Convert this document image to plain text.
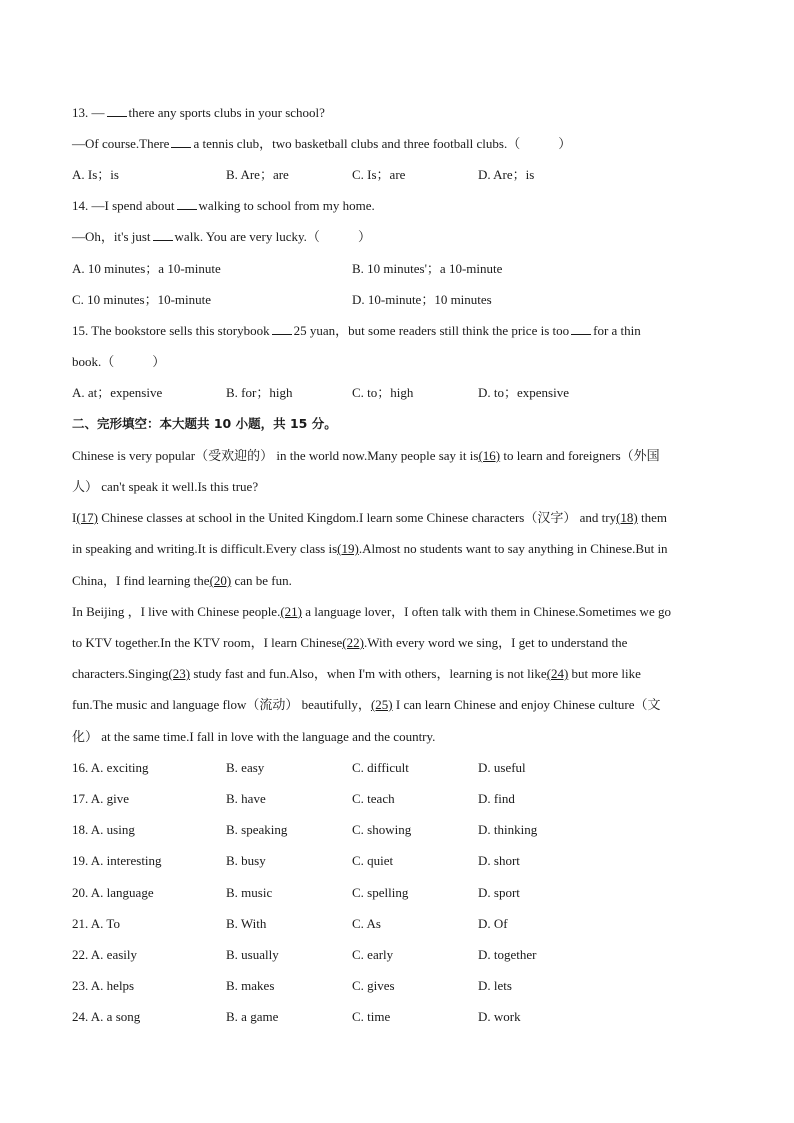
13. — there any sports clubs in your school?
—Of course.There a tennis club，two basketball clubs and three football clubs.（	）
A. Is；is	B. Are；are	C. Is；are	D. Are；is
14. —I spend about walking to school from my home.
—Oh，it's just walk. You are very lucky.（	）
A. 10 minutes；a 10-minute	B. 10 minutes'；a 10-minute
C. 10 minutes；10-minute	D. 10-minute；10 minutes
15. The bookstore sells this storybook 25 yuan，but some readers still think the price is too for a thin
book.（	）
A. at；expensive	B. for；high	C. to；high	D. to；expensive
二、完形填空：本大题共 10 小题，共 15 分。
Chinese is very popular（受欢迎的） in the world now.Many people say it is(16) to learn and foreigners（外国
人） can't speak it well.Is this true?
I(17) Chinese classes at school in the United Kingdom.I learn some Chinese characters（汉字） and try(18) them
in speaking and writing.It is difficult.Every class is(19).Almost no students want to say anything in Chinese.But in
China，I find learning the(20) can be fun.
In Beijing ，I live with Chinese people.(21) a language lover，I often talk with them in Chinese.Sometimes we go
to KTV together.In the KTV room，I learn Chinese(22).With every word we sing，I get to understand the
characters.Singing(23) study fast and fun.Also，when I'm with others，learning is not like(24) but more like
fun.The music and language flow（流动） beautifully，(25) I can learn Chinese and enjoy Chinese culture（文
化） at the same time.I fall in love with the language and the country.
16. A. exciting	B. easy	C. difficult	D. useful
17. A. give	B. have	C. teach	D. find
18. A. using	B. speaking	C. showing	D. thinking
19. A. interesting	B. busy	C. quiet	D. short
20. A. language	B. music	C. spelling	D. sport
21. A. To	B. With	C. As	D. Of
22. A. easily	B. usually	C. early	D. together
23. A. helps	B. makes	C. gives	D. lets
24. A. a song	B. a game	C. time	D. work
